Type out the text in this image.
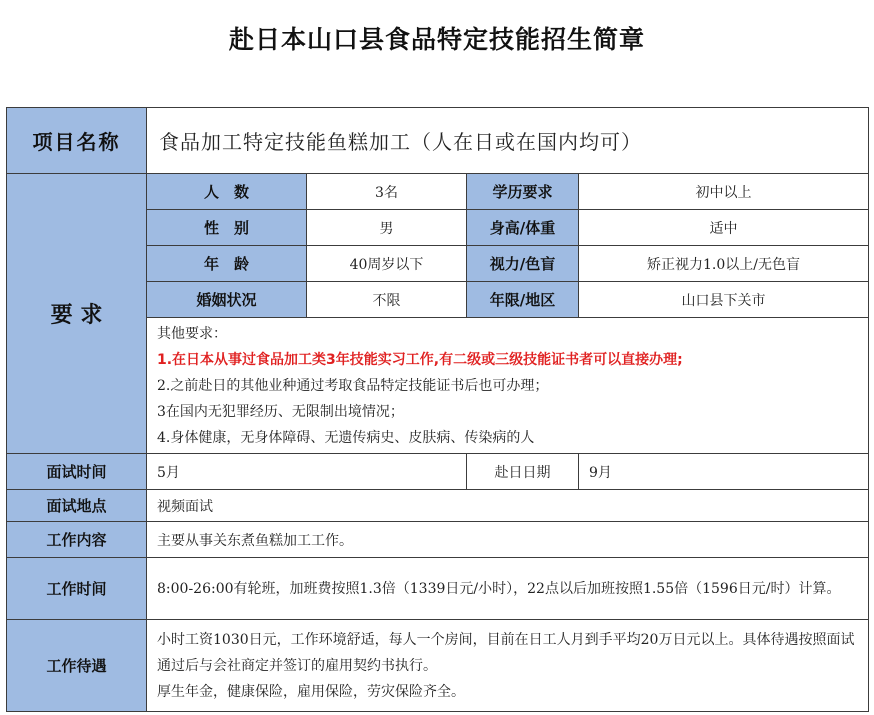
赴日本山口县食品特定技能招生简章
项目名称	食品加工特定技能鱼糕加工（人在日或在国内均可）			
要 求	人　数	3名	学历要求	初中以上
	性　别	男	身高/体重	适中
	年　龄	40周岁以下	视力/色盲	矫正视力1.0以上/无色盲
	婚姻状况	不限	年限/地区	山口县下关市

	其他要求：
1.在日本从事过食品加工类3年技能实习工作,有二级或三级技能证书者可以直接办理;
2.之前赴日的其他业种通过考取食品特定技能证书后也可办理；
3在国内无犯罪经历、无限制出境情况；
4.身体健康，无身体障碍、无遗传病史、皮肤病、传染病的人			

面试时间	5月		赴日日期	9月
面试地点	视频面试			
工作内容	主要从事关东煮鱼糕加工工作。			
工作时间	8:00-26:00有轮班，加班费按照1.3倍（1339日元/小时），22点以后加班按照1.55倍（1596日元/时）计算。			
工作待遇	小时工资1030日元，工作环境舒适，每人一个房间，目前在日工人月到手平均20万日元以上。具体待遇按照面试通过后与会社商定并签订的雇用契约书执行。
厚生年金，健康保险，雇用保险，劳灾保险齐全。			
